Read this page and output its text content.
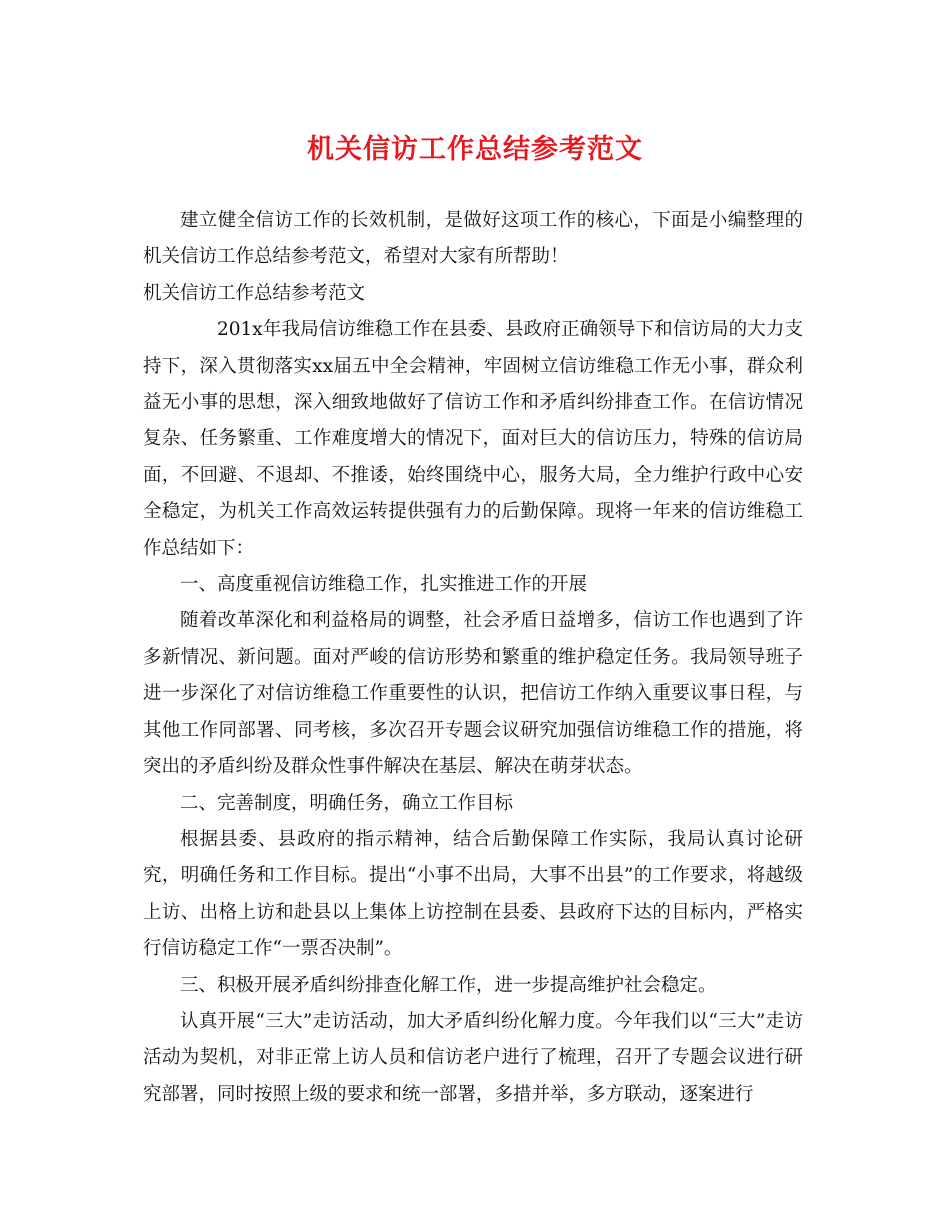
机关信访工作总结参考范文

建立健全信访工作的长效机制，是做好这项工作的核心，下面是小编整理的机关信访工作总结参考范文，希望对大家有所帮助！

机关信访工作总结参考范文

201x年我局信访维稳工作在县委、县政府正确领导下和信访局的大力支持下，深入贯彻落实xx届五中全会精神，牢固树立信访维稳工作无小事，群众利益无小事的思想，深入细致地做好了信访工作和矛盾纠纷排查工作。在信访情况复杂、任务繁重、工作难度增大的情况下，面对巨大的信访压力，特殊的信访局面，不回避、不退却、不推诿，始终围绕中心，服务大局，全力维护行政中心安全稳定，为机关工作高效运转提供强有力的后勤保障。现将一年来的信访维稳工作总结如下：

一、高度重视信访维稳工作，扎实推进工作的开展

随着改革深化和利益格局的调整，社会矛盾日益增多，信访工作也遇到了许多新情况、新问题。面对严峻的信访形势和繁重的维护稳定任务。我局领导班子进一步深化了对信访维稳工作重要性的认识，把信访工作纳入重要议事日程，与其他工作同部署、同考核，多次召开专题会议研究加强信访维稳工作的措施，将突出的矛盾纠纷及群众性事件解决在基层、解决在萌芽状态。

二、完善制度，明确任务，确立工作目标

根据县委、县政府的指示精神，结合后勤保障工作实际，我局认真讨论研究，明确任务和工作目标。提出“小事不出局，大事不出县”的工作要求，将越级上访、出格上访和赴县以上集体上访控制在县委、县政府下达的目标内，严格实行信访稳定工作“一票否决制”。

三、积极开展矛盾纠纷排查化解工作，进一步提高维护社会稳定。

认真开展“三大”走访活动，加大矛盾纠纷化解力度。今年我们以“三大”走访活动为契机，对非正常上访人员和信访老户进行了梳理，召开了专题会议进行研究部署，同时按照上级的要求和统一部署，多措并举，多方联动，逐案进行
